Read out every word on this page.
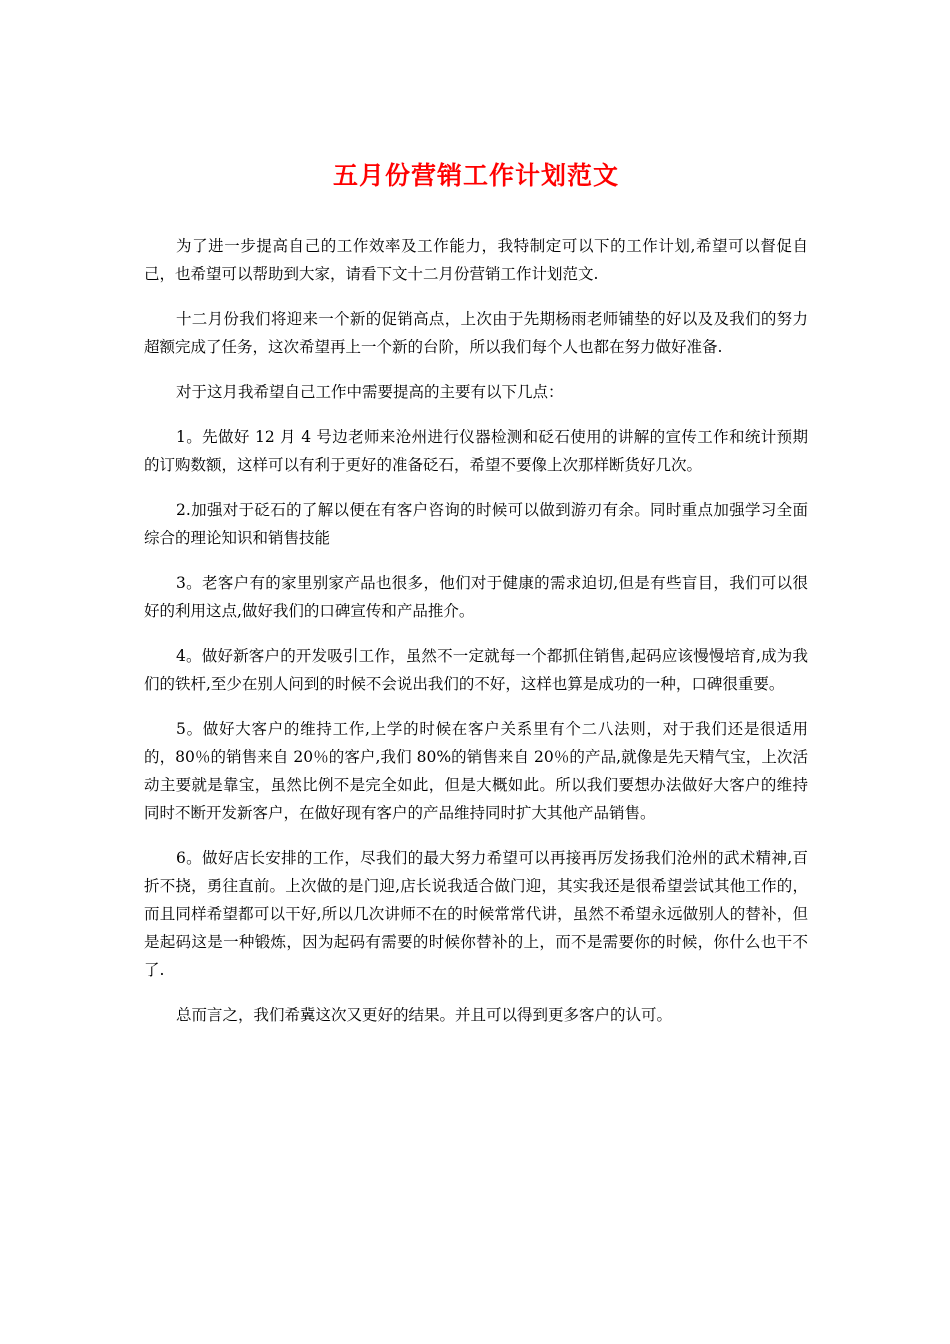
五月份营销工作计划范文

为了进一步提高自己的工作效率及工作能力，我特制定可以下的工作计划,希望可以督促自己，也希望可以帮助到大家，请看下文十二月份营销工作计划范文.

十二月份我们将迎来一个新的促销高点，上次由于先期杨雨老师铺垫的好以及及我们的努力超额完成了任务，这次希望再上一个新的台阶，所以我们每个人也都在努力做好准备.

对于这月我希望自己工作中需要提高的主要有以下几点：

1。先做好 12 月 4 号边老师来沧州进行仪器检测和砭石使用的讲解的宣传工作和统计预期的订购数额，这样可以有利于更好的准备砭石，希望不要像上次那样断货好几次。

2.加强对于砭石的了解以便在有客户咨询的时候可以做到游刃有余。同时重点加强学习全面综合的理论知识和销售技能

3。老客户有的家里别家产品也很多，他们对于健康的需求迫切,但是有些盲目，我们可以很好的利用这点,做好我们的口碑宣传和产品推介。

4。做好新客户的开发吸引工作，虽然不一定就每一个都抓住销售,起码应该慢慢培育,成为我们的铁杆,至少在别人问到的时候不会说出我们的不好，这样也算是成功的一种，口碑很重要。

5。做好大客户的维持工作,上学的时候在客户关系里有个二八法则，对于我们还是很适用的，80％的销售来自 20％的客户,我们 80%的销售来自 20％的产品,就像是先天精气宝，上次活动主要就是靠宝，虽然比例不是完全如此，但是大概如此。所以我们要想办法做好大客户的维持同时不断开发新客户，在做好现有客户的产品维持同时扩大其他产品销售。

6。做好店长安排的工作，尽我们的最大努力希望可以再接再厉发扬我们沧州的武术精神,百折不挠，勇往直前。上次做的是门迎,店长说我适合做门迎，其实我还是很希望尝试其他工作的，而且同样希望都可以干好,所以几次讲师不在的时候常常代讲，虽然不希望永远做别人的替补，但是起码这是一种锻炼，因为起码有需要的时候你替补的上，而不是需要你的时候，你什么也干不了.

总而言之，我们希冀这次又更好的结果。并且可以得到更多客户的认可。
